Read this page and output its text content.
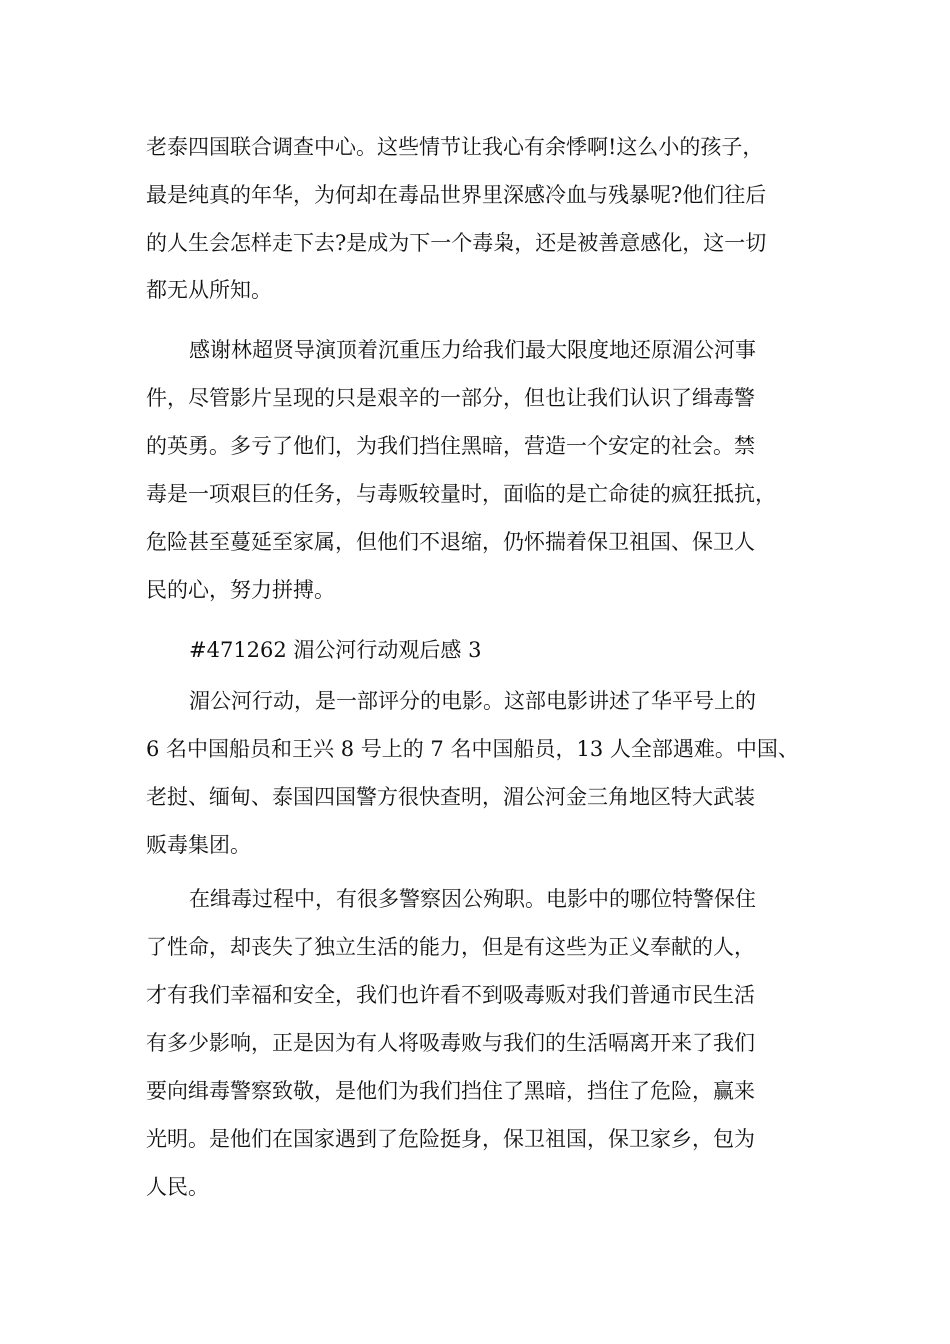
老泰四国联合调查中心。这些情节让我心有余悸啊!这么小的孩子，
最是纯真的年华，为何却在毒品世界里深感冷血与残暴呢?他们往后
的人生会怎样走下去?是成为下一个毒枭，还是被善意感化，这一切
都无从所知。
感谢林超贤导演顶着沉重压力给我们最大限度地还原湄公河事
件，尽管影片呈现的只是艰辛的一部分，但也让我们认识了缉毒警
的英勇。多亏了他们，为我们挡住黑暗，营造一个安定的社会。禁
毒是一项艰巨的任务，与毒贩较量时，面临的是亡命徒的疯狂抵抗，
危险甚至蔓延至家属，但他们不退缩，仍怀揣着保卫祖国、保卫人
民的心，努力拼搏。
#471262 湄公河行动观后感 3
湄公河行动，是一部评分的电影。这部电影讲述了华平号上的
6 名中国船员和王兴 8 号上的 7 名中国船员，13 人全部遇难。中国、
老挝、缅甸、泰国四国警方很快查明，湄公河金三角地区特大武装
贩毒集团。
在缉毒过程中，有很多警察因公殉职。电影中的哪位特警保住
了性命，却丧失了独立生活的能力，但是有这些为正义奉献的人，
才有我们幸福和安全，我们也许看不到吸毒贩对我们普通市民生活
有多少影响，正是因为有人将吸毒败与我们的生活嗝离开来了我们
要向缉毒警察致敬，是他们为我们挡住了黑暗，挡住了危险，赢来
光明。是他们在国家遇到了危险挺身，保卫祖国，保卫家乡，包为
人民。
